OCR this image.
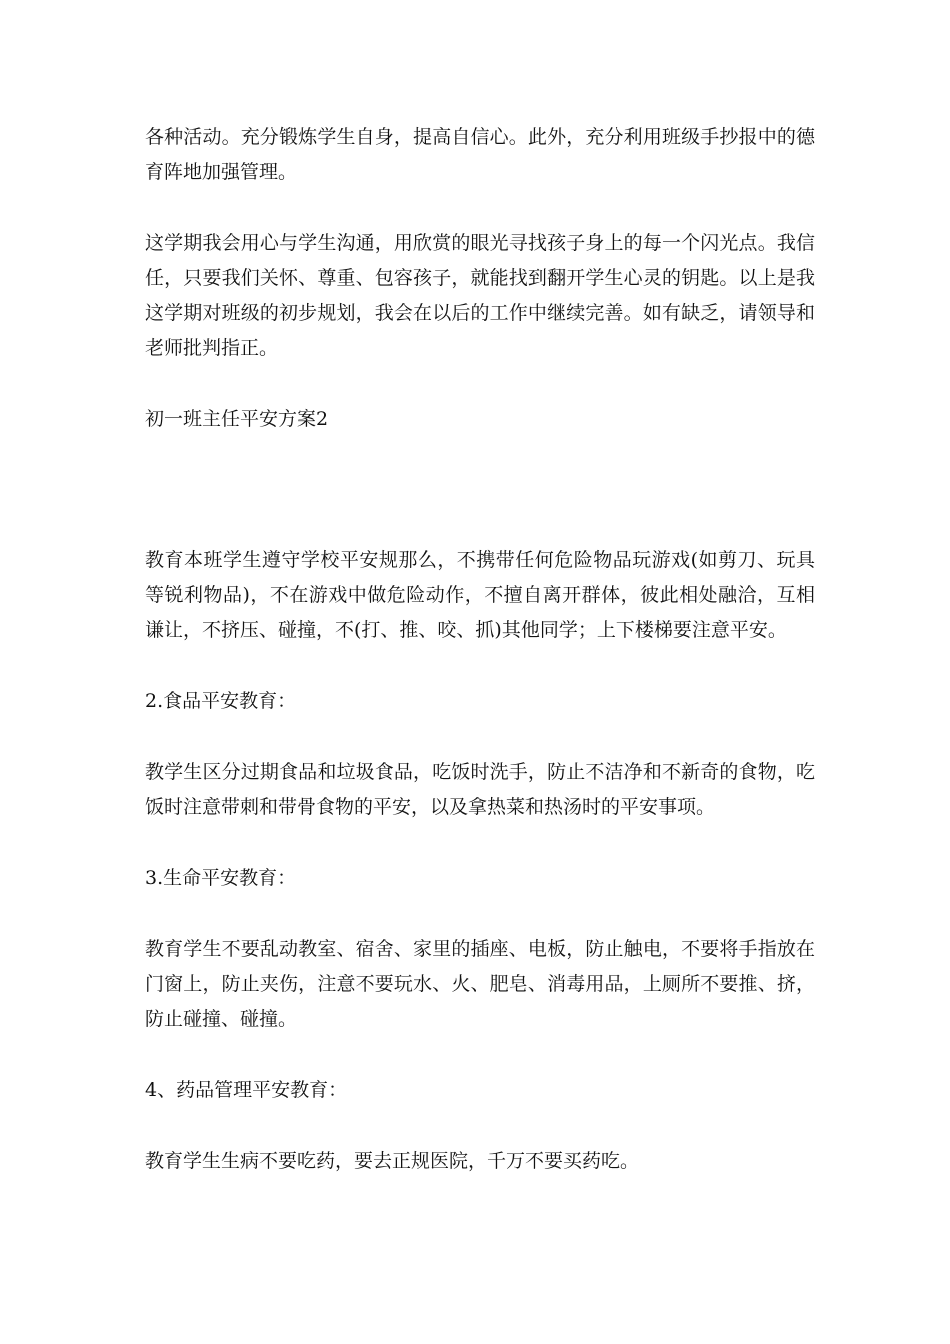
各种活动。充分锻炼学生自身，提高自信心。此外，充分利用班级手抄报中的德育阵地加强管理。

这学期我会用心与学生沟通，用欣赏的眼光寻找孩子身上的每一个闪光点。我信任，只要我们关怀、尊重、包容孩子，就能找到翻开学生心灵的钥匙。以上是我这学期对班级的初步规划，我会在以后的工作中继续完善。如有缺乏，请领导和老师批判指正。

初一班主任平安方案2

教育本班学生遵守学校平安规那么，不携带任何危险物品玩游戏(如剪刀、玩具等锐利物品)，不在游戏中做危险动作，不擅自离开群体，彼此相处融洽，互相谦让，不挤压、碰撞，不(打、推、咬、抓)其他同学；上下楼梯要注意平安。

2.食品平安教育：

教学生区分过期食品和垃圾食品，吃饭时洗手，防止不洁净和不新奇的食物，吃饭时注意带刺和带骨食物的平安，以及拿热菜和热汤时的平安事项。

3.生命平安教育：

教育学生不要乱动教室、宿舍、家里的插座、电板，防止触电，不要将手指放在门窗上，防止夹伤，注意不要玩水、火、肥皂、消毒用品，上厕所不要推、挤，防止碰撞、碰撞。

4、药品管理平安教育：

教育学生生病不要吃药，要去正规医院，千万不要买药吃。
